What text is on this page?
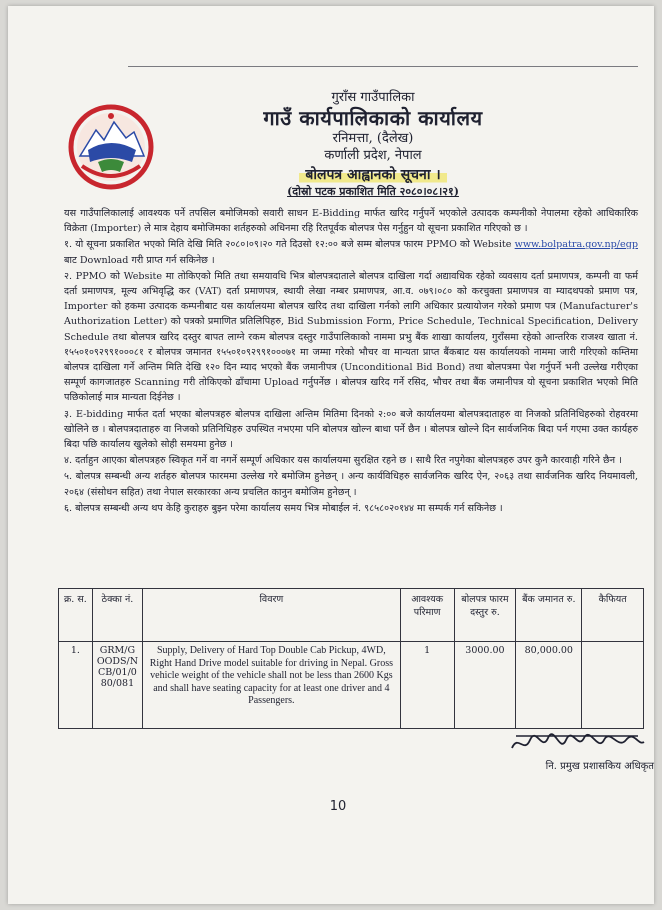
गुराँस गाउँपालिका
गाउँ कार्यपालिकाको कार्यालय
रनिमत्ता, (दैलेख)
कर्णाली प्रदेश, नेपाल
बोलपत्र आह्वानको सूचना ।
(दोस्रो पटक प्रकाशित मिति २०८०।०८।२१)

यस गाउँपालिकालाई आवश्यक पर्ने तपसिल बमोजिमको सवारी साधन E-Bidding मार्फत खरिद गर्नुपर्ने भएकोले उत्पादक कम्पनीको नेपालमा रहेको आधिकारिक विक्रेता (Importer) ले मात्र देहाय बमोजिमका शर्तहरुको अधिनमा रहि रितपूर्वक बोलपत्र पेस गर्नुहुन यो सूचना प्रकाशित गरिएको छ ।

१. यो सूचना प्रकाशित भएको मिति देखि मिति २०८०।०९।२० गते दिउसो १२:०० बजे सम्म बोलपत्र फारम PPMO को Website www.bolpatra.gov.np/egp बाट Download गरी प्राप्त गर्न सकिनेछ ।

२. PPMO को Website मा तोकिएको मिति तथा समयावधि भित्र बोलपत्रदाताले बोलपत्र दाखिला गर्दा अद्यावधिक रहेको व्यवसाय दर्ता प्रमाणपत्र, कम्पनी वा फर्म दर्ता प्रमाणपत्र, मूल्य अभिवृद्धि कर (VAT) दर्ता प्रमाणपत्र, स्थायी लेखा नम्बर प्रमाणपत्र, आ.व. ०७९।०८० को करचुक्ता प्रमाणपत्र वा म्यादथपको प्रमाण पत्र, Importer को हकमा उत्पादक कम्पनीबाट यस कार्यालयमा बोलपत्र खरिद तथा दाखिला गर्नको लागि अधिकार प्रत्यायोजन गरेको प्रमाण पत्र (Manufacturer's Authorization Letter) को पत्रको प्रमाणित प्रतिलिपिहरु, Bid Submission Form, Price Schedule, Technical Specification, Delivery Schedule तथा बोलपत्र खरिद दस्तुर बापत लाग्ने रकम बोलपत्र दस्तुर गाउँपालिकाको नाममा प्रभु बैंक शाखा कार्यालय, गुराँसमा रहेको आन्तरिक राजश्व खाता नं. १५५०१०९२९९१०००८१ र बोलपत्र जमानत १५५०१०९२९९१०००७१ मा जम्मा गरेको भौचर वा मान्यता प्राप्त बैंकबाट यस कार्यालयको नाममा जारी गरिएको कम्तिमा बोलपत्र दाखिला गर्ने अन्तिम मिति देखि १२० दिन म्याद भएको बैंक जमानीपत्र (Unconditional Bid Bond) तथा बोलपत्रमा पेश गर्नुपर्ने भनी उल्लेख गरीएका सम्पूर्ण कागजातहरु Scanning गरी तोकिएको ढाँचामा Upload गर्नुपर्नेछ । बोलपत्र खरिद गर्ने रसिद, भौचर तथा बैंक जमानीपत्र यो सूचना प्रकाशित भएको मिति पछिकोलाई मात्र मान्यता दिईनेछ ।

३. E-bidding मार्फत दर्ता भएका बोलपत्रहरु बोलपत्र दाखिला अन्तिम मितिमा दिनको २:०० बजे कार्यालयमा बोलपत्रदाताहरु वा निजको प्रतिनिधिहरुको रोहवरमा खोलिने छ । बोलपत्रदाताहरु वा निजको प्रतिनिधिहरु उपस्थित नभएमा पनि बोलपत्र खोल्न बाधा पर्ने छैन । बोलपत्र खोल्ने दिन सार्वजनिक बिदा पर्न गएमा उक्त कार्यहरु बिदा पछि कार्यालय खुलेको सोही समयमा हुनेछ ।

४. दर्ताहुन आएका बोलपत्रहरु स्विकृत गर्ने वा नगर्ने सम्पूर्ण अधिकार यस कार्यालयमा सुरक्षित रहने छ । साथै रित नपुगेका बोलपत्रहरु उपर कुनै कारवाही गरिने छैन ।

५. बोलपत्र सम्बन्धी अन्य शर्तहरु बोलपत्र फारममा उल्लेख गरे बमोजिम हुनेछन् । अन्य कार्यविधिहरु सार्वजनिक खरिद ऐन, २०६३ तथा सार्वजनिक खरिद नियमावली, २०६४ (संसोधन सहित) तथा नेपाल सरकारका अन्य प्रचलित कानुन बमोजिम हुनेछन् ।

६. बोलपत्र सम्बन्धी अन्य थप केहि कुराहरु बुझ्न परेमा कार्यालय समय भित्र मोबाईल नं. ९८५८०२०१४४ मा सम्पर्क गर्न सकिनेछ ।

क्र. स.	ठेक्का नं.	विवरण	आवश्यक परिमाण	बोलपत्र फारम दस्तुर रु.	बैंक जमानत रु.	कैफियत
1.	GRM/G OODS/N CB/01/0 80/081	Supply, Delivery of Hard Top Double Cab Pickup, 4WD, Right Hand Drive model suitable for driving in Nepal. Gross vehicle weight of the vehicle shall not be less than 2600 Kgs and shall have seating capacity for at least one driver and 4 Passengers.	1	3000.00	80,000.00	
नि. प्रमुख प्रशासकिय अधिकृत
10
